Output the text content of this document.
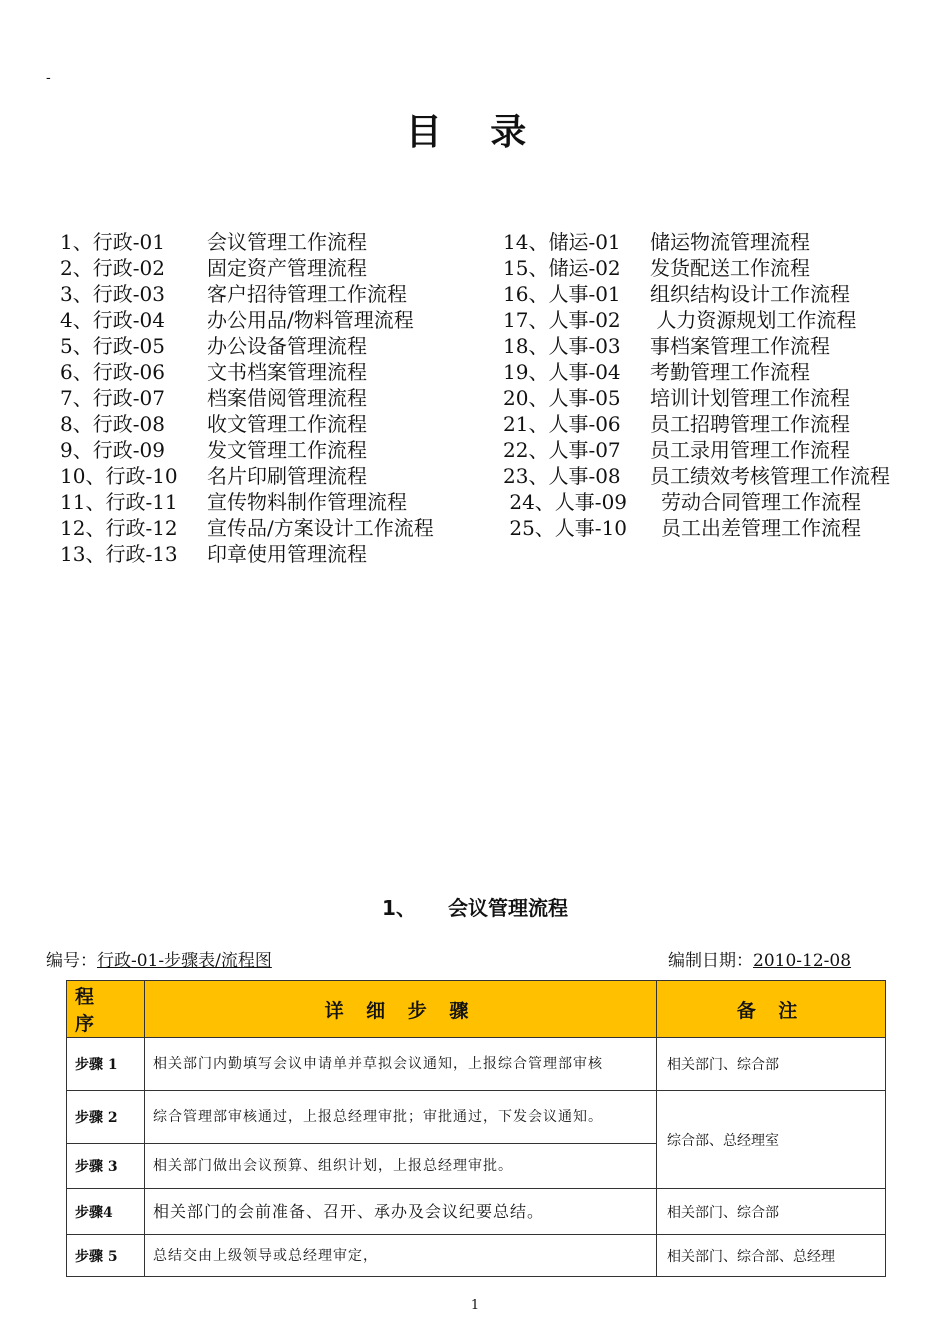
-
目 录
1、行政-01	会议管理工作流程
2、行政-02	固定资产管理流程
3、行政-03	客户招待管理工作流程
4、行政-04	办公用品/物料管理流程
5、行政-05	办公设备管理流程
6、行政-06	文书档案管理流程
7、行政-07	档案借阅管理流程
8、行政-08	收文管理工作流程
9、行政-09	发文管理工作流程
10、行政-10	名片印刷管理流程
11、行政-11	宣传物料制作管理流程
12、行政-12	宣传品/方案设计工作流程
13、行政-13	印章使用管理流程
14、储运-01	储运物流管理流程
15、储运-02	发货配送工作流程
16、人事-01	组织结构设计工作流程
17、人事-02	人力资源规划工作流程
18、人事-03	事档案管理工作流程
19、人事-04	考勤管理工作流程
20、人事-05	培训计划管理工作流程
21、人事-06	员工招聘管理工作流程
22、人事-07	员工录用管理工作流程
23、人事-08	员工绩效考核管理工作流程
24、人事-09	劳动合同管理工作流程
25、人事-10	员工出差管理工作流程
1、 会议管理流程
编号：行政-01-步骤表/流程图	编制日期：2010-12-08
程 序	详 细 步 骤	备 注
步骤 1	相关部门内勤填写会议申请单并草拟会议通知，上报综合管理部审核	相关部门、综合部
步骤 2	综合管理部审核通过，上报总经理审批；审批通过，下发会议通知。	综合部、总经理室
步骤 3	相关部门做出会议预算、组织计划，上报总经理审批。	
步骤4	相关部门的会前准备、召开、承办及会议纪要总结。	相关部门、综合部
步骤 5	总结交由上级领导或总经理审定，	相关部门、综合部、总经理
1
